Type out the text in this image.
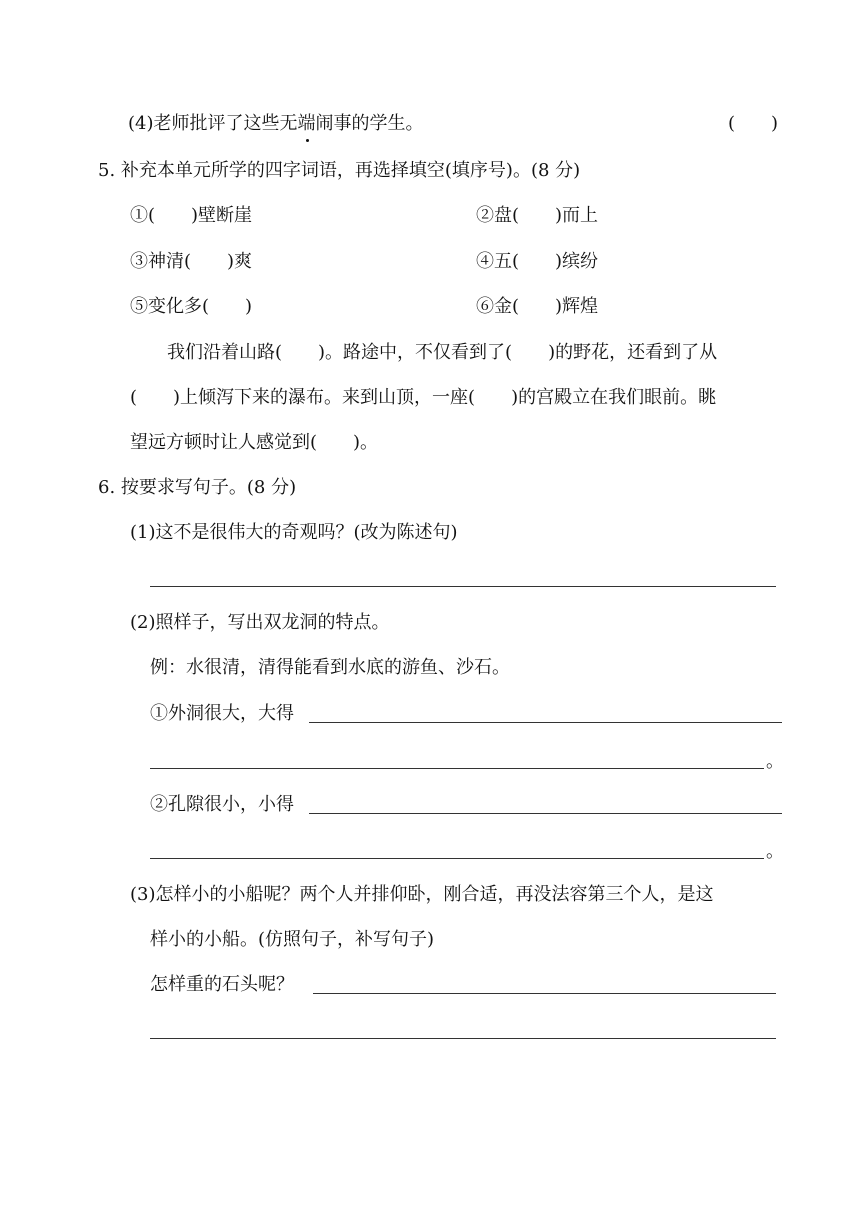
(4)老师批评了这些无端闹事的学生。	(　　)
5. 补充本单元所学的四字词语，再选择填空(填序号)。(8 分)
①(　　)壁断崖	②盘(　　)而上
③神清(　　)爽	④五(　　)缤纷
⑤变化多(　　)	⑥金(　　)辉煌
我们沿着山路(　　)。路途中，不仅看到了(　　)的野花，还看到了从
(　　)上倾泻下来的瀑布。来到山顶，一座(　　)的宫殿立在我们眼前。眺
望远方顿时让人感觉到(　　)。
6. 按要求写句子。(8 分)
(1)这不是很伟大的奇观吗？(改为陈述句)
(2)照样子，写出双龙洞的特点。
例：水很清，清得能看到水底的游鱼、沙石。
①外洞很大，大得
。
②孔隙很小，小得
。
(3)怎样小的小船呢？两个人并排仰卧，刚合适，再没法容第三个人，是这
样小的小船。(仿照句子，补写句子)
怎样重的石头呢？
